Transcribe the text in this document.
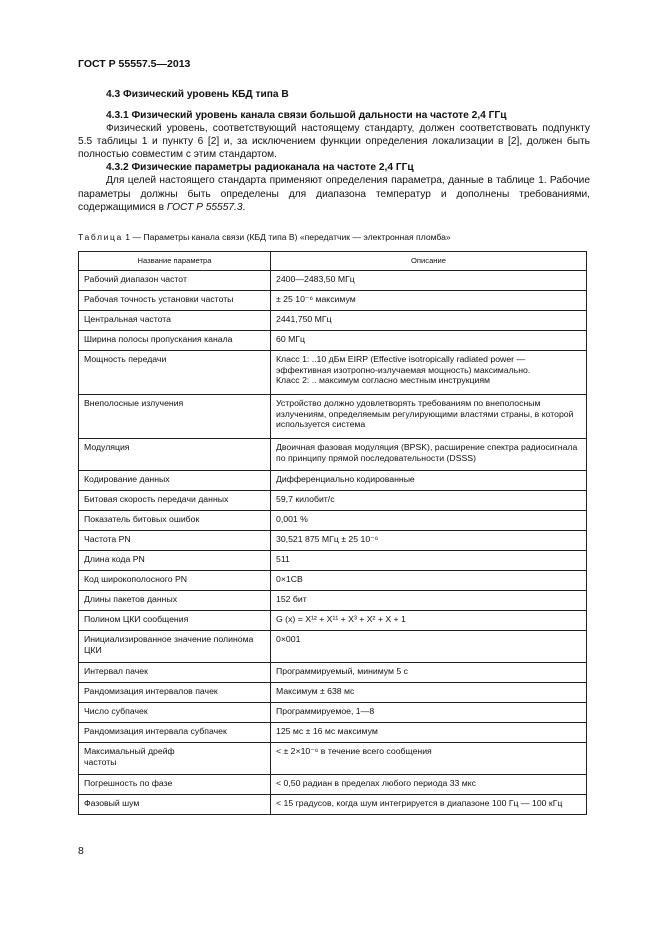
ГОСТ Р 55557.5—2013
4.3 Физический уровень КБД типа B
4.3.1 Физический уровень канала связи большой дальности на частоте 2,4 ГГц
Физический уровень, соответствующий настоящему стандарту, должен соответствовать подпункту 5.5 таблицы 1 и пункту 6 [2] и, за исключением функции определения локализации в [2], должен быть полностью совместим с этим стандартом.
4.3.2 Физические параметры радиоканала на частоте 2,4 ГГц
Для целей настоящего стандарта применяют определения параметра, данные в таблице 1. Рабочие параметры должны быть определены для диапазона температур и дополнены требованиями, содержащимися в ГОСТ Р 55557.3.
Таблица 1 — Параметры канала связи (КБД типа B) «передатчик — электронная пломба»
Название параметра	Описание
Рабочий диапазон частот	2400—2483,50 МГц
Рабочая точность установки частоты	± 25 10⁻⁶ максимум
Центральная частота	2441,750 МГц
Ширина полосы пропускания канала	60 МГц
Мощность передачи	Класс 1: ..10 дБм EIRP (Effective isotropically radiated power — эффективная изотропно-излучаемая мощность) максимально.
Класс 2: .. максимум согласно местным инструкциям
Внеполосные излучения	Устройство должно удовлетворять требованиям по внеполосным излучениям, определяемым регулирующими властями страны, в которой используется система
Модуляция	Двоичная фазовая модуляция (BPSK), расширение спектра радиосигнала по принципу прямой последовательности (DSSS)
Кодирование данных	Дифференциально кодированные
Битовая скорость передачи данных	59,7 килобит/с
Показатель битовых ошибок	0,001 %
Частота PN	30,521 875 МГц ± 25 10⁻⁶
Длина кода PN	511
Код широкополосного PN	0×1CB
Длины пакетов данных	152 бит
Полином ЦКИ сообщения	G (x) = X¹² + X¹¹ + X³ + X² + X + 1
Инициализированное значение полинома ЦКИ	0×001
Интервал пачек	Программируемый, минимум 5 с
Рандомизация интервалов пачек	Максимум ± 638 мс
Число субпачек	Программируемое, 1—8
Рандомизация интервала субпачек	125 мс ± 16 мс максимум
Максимальный дрейф
частоты	< ± 2×10⁻⁶ в течение всего сообщения
Погрешность по фазе	< 0,50 радиан в пределах любого периода 33 мкс
Фазовый шум	< 15 градусов, когда шум интегрируется в диапазоне 100 Гц — 100 кГц
8
